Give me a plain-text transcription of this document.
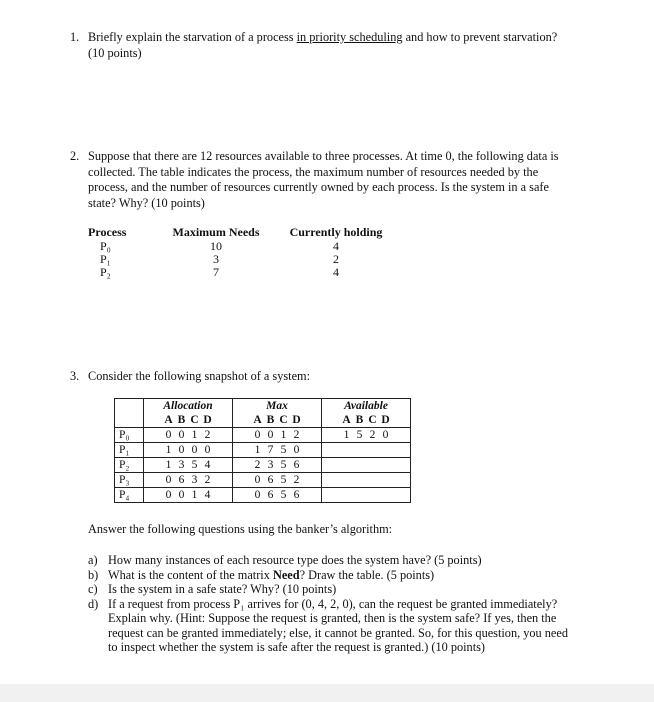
1. Briefly explain the starvation of a process in priority scheduling and how to prevent starvation?
(10 points)
2. Suppose that there are 12 resources available to three processes. At time 0, the following data is
collected. The table indicates the process, the maximum number of resources needed by the
process, and the number of resources currently owned by each process. Is the system in a safe
state? Why? (10 points)
Process	Maximum Needs	Currently holding
P₀	10	4
P₁	3	2
P₂	7	4
3. Consider the following snapshot of a system:
	Allocation	Max	Available
	A B C D	A B C D	A B C D
P₀	0 0 1 2	0 0 1 2	1 5 2 0
P₁	1 0 0 0	1 7 5 0	
P₂	1 3 5 4	2 3 5 6	
P₃	0 6 3 2	0 6 5 2	
P₄	0 0 1 4	0 6 5 6	
Answer the following questions using the banker’s algorithm:
a) How many instances of each resource type does the system have? (5 points)
b) What is the content of the matrix Need? Draw the table. (5 points)
c) Is the system in a safe state? Why? (10 points)
d) If a request from process P₁ arrives for (0, 4, 2, 0), can the request be granted immediately?
Explain why. (Hint: Suppose the request is granted, then is the system safe? If yes, then the
request can be granted immediately; else, it cannot be granted. So, for this question, you need
to inspect whether the system is safe after the request is granted.) (10 points)
